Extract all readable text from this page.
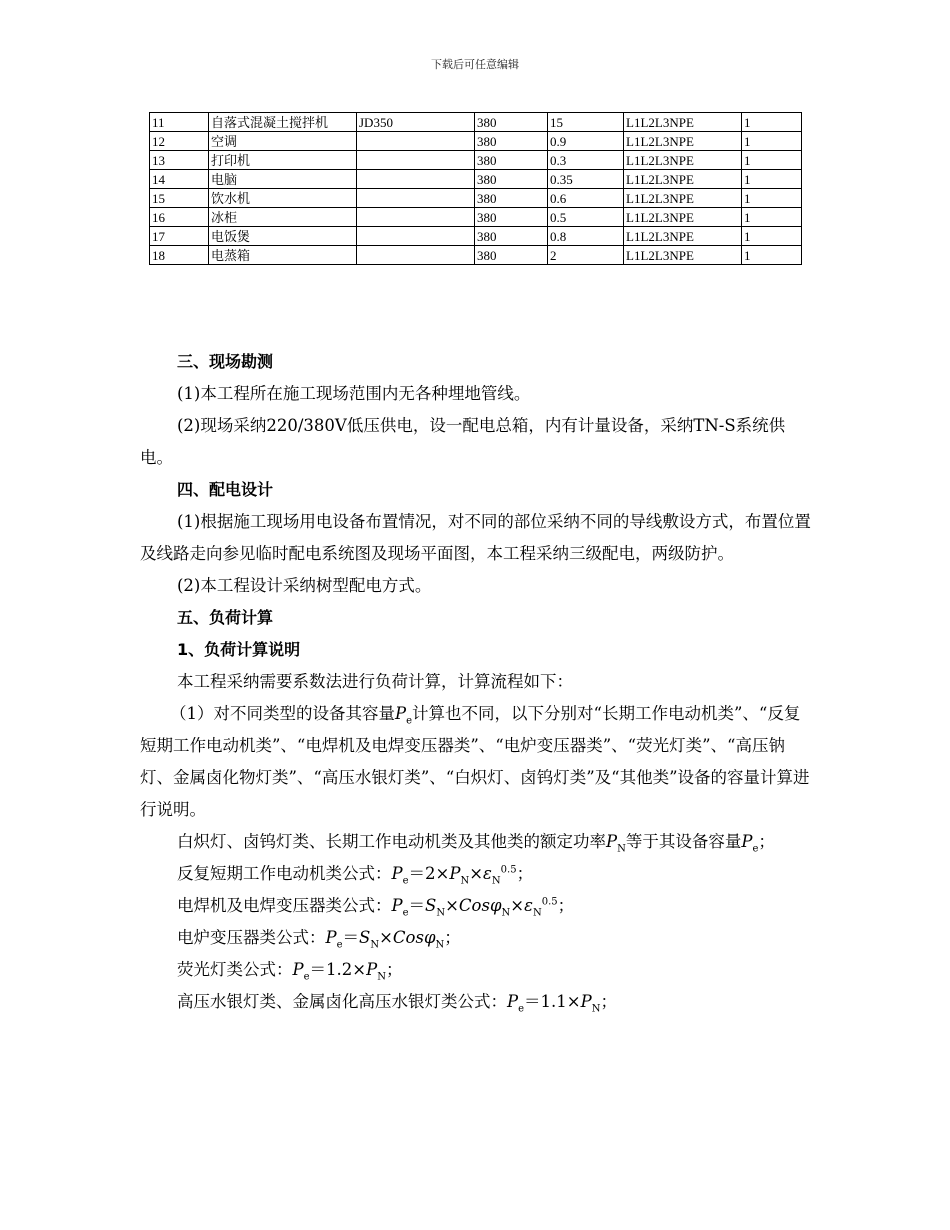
下载后可任意编辑
11	自落式混凝土搅拌机	JD350	380	15	L1L2L3NPE	1
12	空调		380	0.9	L1L2L3NPE	1
13	打印机		380	0.3	L1L2L3NPE	1
14	电脑		380	0.35	L1L2L3NPE	1
15	饮水机		380	0.6	L1L2L3NPE	1
16	冰柜		380	0.5	L1L2L3NPE	1
17	电饭煲		380	0.8	L1L2L3NPE	1
18	电蒸箱		380	2	L1L2L3NPE	1

三、现场勘测

(1)本工程所在施工现场范围内无各种埋地管线。

(2)现场采纳220/380V低压供电，设一配电总箱，内有计量设备，采纳TN-S系统供电。

四、配电设计

(1)根据施工现场用电设备布置情况，对不同的部位采纳不同的导线敷设方式，布置位置及线路走向参见临时配电系统图及现场平面图，本工程采纳三级配电，两级防护。

(2)本工程设计采纳树型配电方式。

五、负荷计算

1、负荷计算说明

本工程采纳需要系数法进行负荷计算，计算流程如下：

（1）对不同类型的设备其容量$P_e$计算也不同，以下分别对“长期工作电动机类”、“反复短期工作电动机类”、“电焊机及电焊变压器类”、“电炉变压器类”、“荧光灯类”、“高压钠灯、金属卤化物灯类”、“高压水银灯类”、“白炽灯、卤钨灯类”及“其他类”设备的容量计算进行说明。

白炽灯、卤钨灯类、长期工作电动机类及其他类的额定功率$P_N$等于其设备容量$P_e$；

反复短期工作电动机类公式：$P_e=2\times P_N\times\varepsilon_N^{0.5}$；

电焊机及电焊变压器类公式：$P_e=S_N\times Cos\varphi_N\times\varepsilon_N^{0.5}$；

电炉变压器类公式：$P_e=S_N\times Cos\varphi_N$；

荧光灯类公式：$P_e=1.2\times P_N$；

高压水银灯类、金属卤化高压水银灯类公式：$P_e=1.1\times P_N$；
